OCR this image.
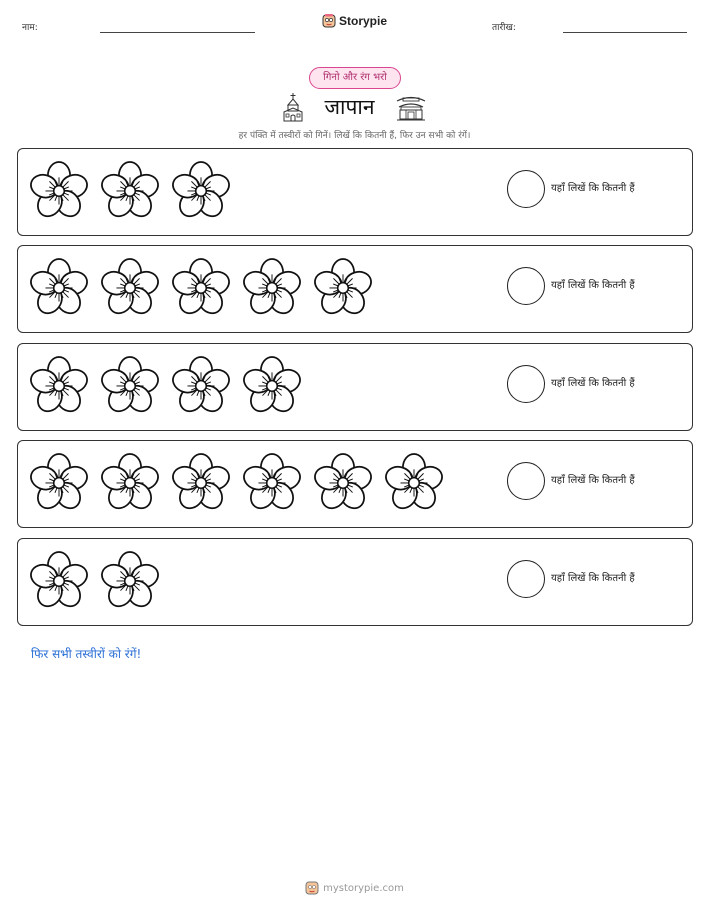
नाम:	Storypie	तारीख:
गिनो और रंग भरो
जापान
हर पंक्ति में तस्वीरों को गिनें। लिखें कि कितनी हैं, फिर उन सभी को रंगें।
यहाँ लिखें कि कितनी हैं
यहाँ लिखें कि कितनी हैं
यहाँ लिखें कि कितनी हैं
यहाँ लिखें कि कितनी हैं
यहाँ लिखें कि कितनी हैं
फिर सभी तस्वीरों को रंगें!
mystorypie.com
